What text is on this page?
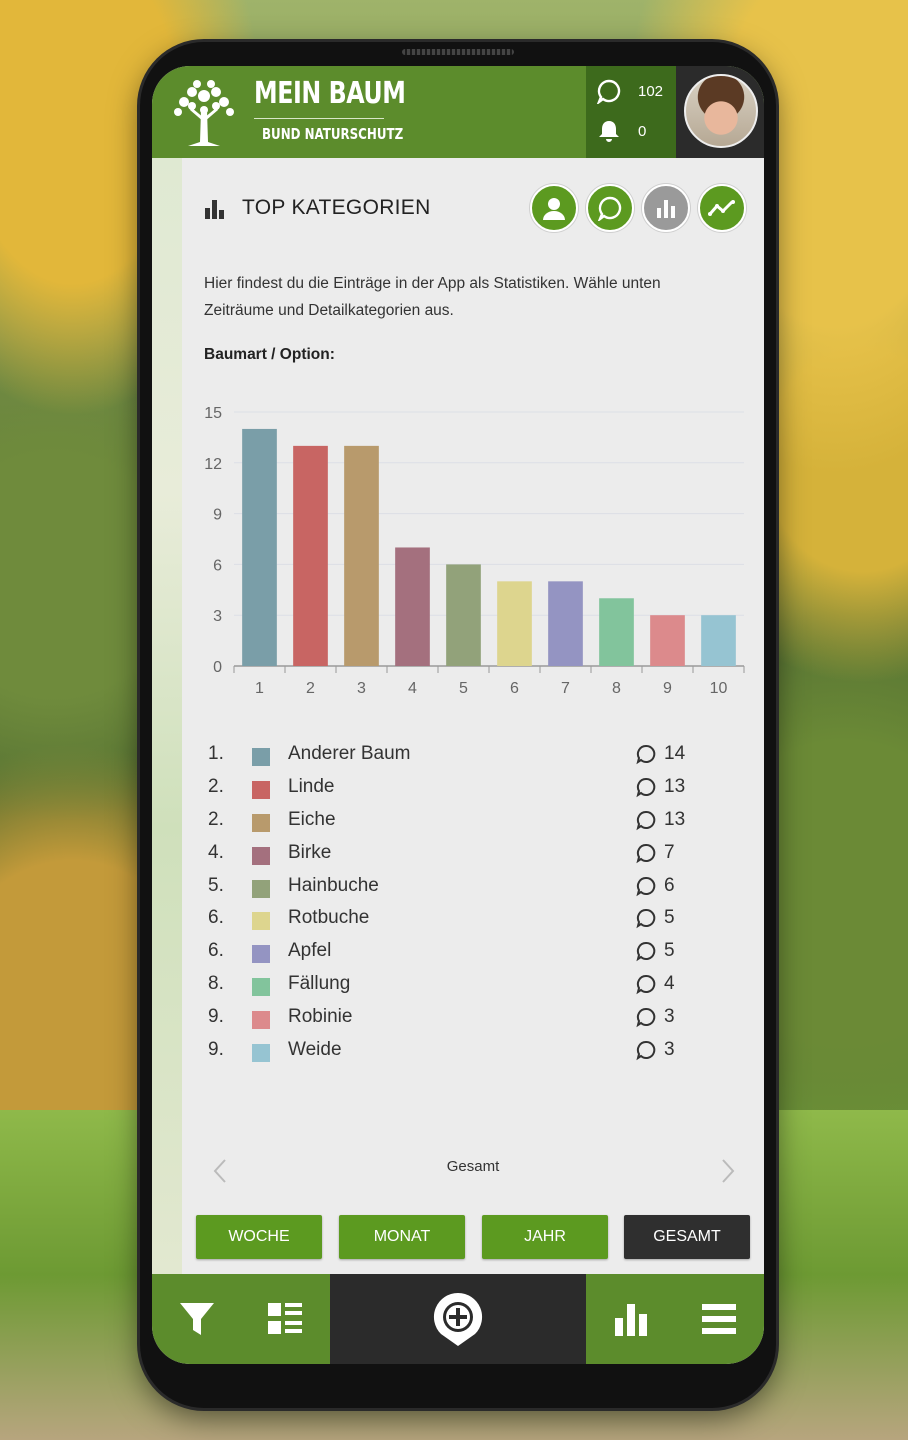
MEIN BAUM
BUND NATURSCHUTZ
102
0
TOP KATEGORIEN
Hier findest du die Einträge in der App als Statistiken. Wähle unten Zeiträume und Detailkategorien aus.
Baumart / Option:
15
12
9
6
3
0
1	2	3	4	5	6	7	8	9 10
1.	Anderer Baum	14
2.	Linde	13
2.	Eiche	13
4.	Birke	7
5.	Hainbuche	6
6.	Rotbuche	5
6.	Apfel	5
8.	Fällung	4
9.	Robinie	3
9.	Weide	3
Gesamt
WOCHE	MONAT	JAHR	GESAMT
